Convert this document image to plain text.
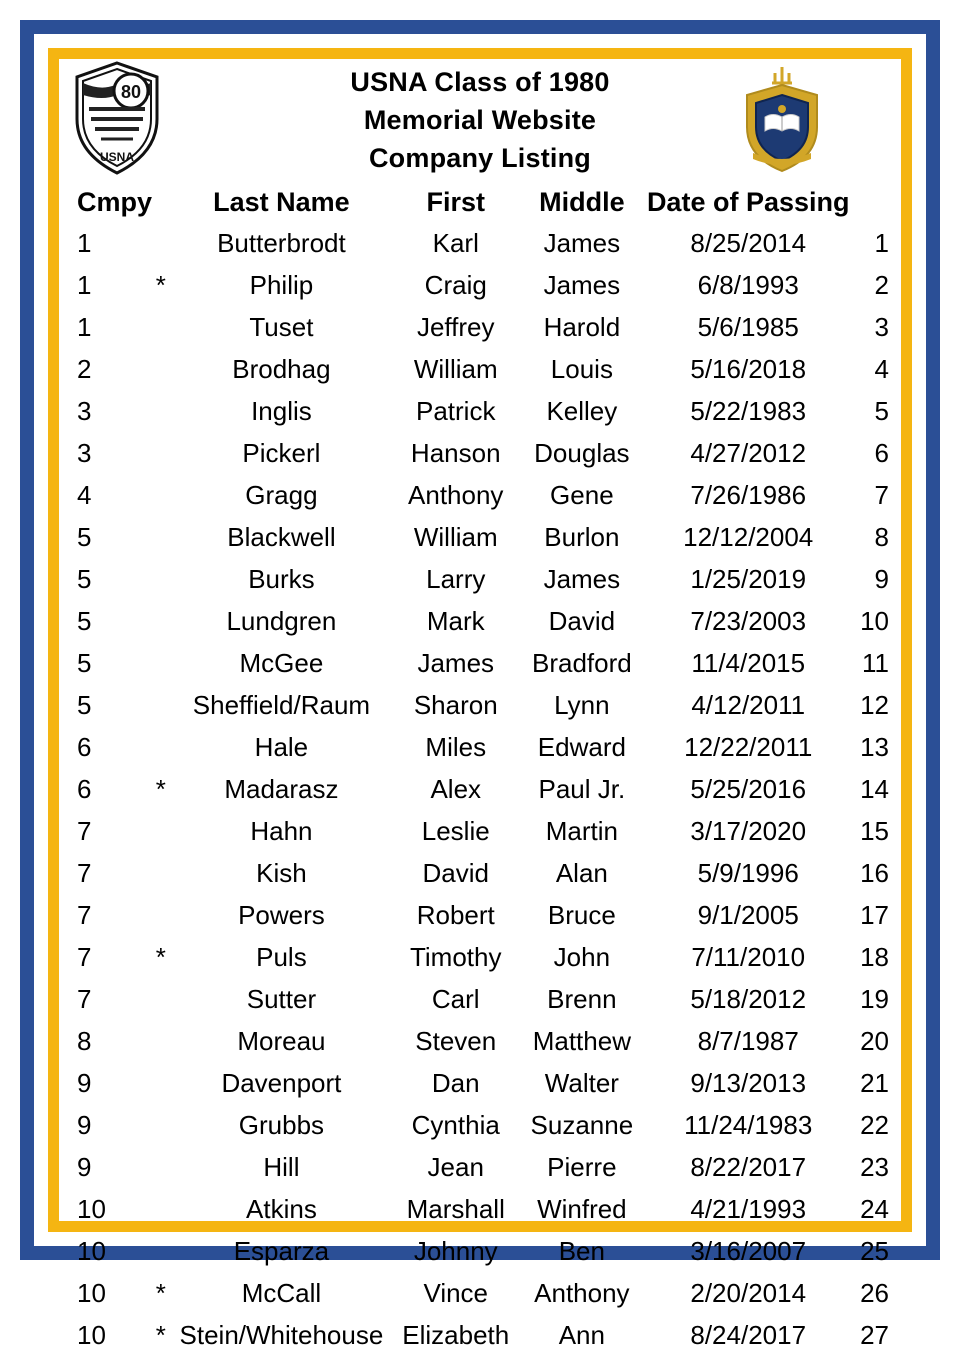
80
USNA
USNA Class of 1980
Memorial Website
Company Listing
Cmpy		Last Name	First	Middle	Date of Passing	
1		Butterbrodt	Karl	James	8/25/2014	1
1	*	Philip	Craig	James	6/8/1993	2
1		Tuset	Jeffrey	Harold	5/6/1985	3
2		Brodhag	William	Louis	5/16/2018	4
3		Inglis	Patrick	Kelley	5/22/1983	5
3		Pickerl	Hanson	Douglas	4/27/2012	6
4		Gragg	Anthony	Gene	7/26/1986	7
5		Blackwell	William	Burlon	12/12/2004	8
5		Burks	Larry	James	1/25/2019	9
5		Lundgren	Mark	David	7/23/2003	10
5		McGee	James	Bradford	11/4/2015	11
5		Sheffield/Raum	Sharon	Lynn	4/12/2011	12
6		Hale	Miles	Edward	12/22/2011	13
6	*	Madarasz	Alex	Paul Jr.	5/25/2016	14
7		Hahn	Leslie	Martin	3/17/2020	15
7		Kish	David	Alan	5/9/1996	16
7		Powers	Robert	Bruce	9/1/2005	17
7	*	Puls	Timothy	John	7/11/2010	18
7		Sutter	Carl	Brenn	5/18/2012	19
8		Moreau	Steven	Matthew	8/7/1987	20
9		Davenport	Dan	Walter	9/13/2013	21
9		Grubbs	Cynthia	Suzanne	11/24/1983	22
9		Hill	Jean	Pierre	8/22/2017	23
10		Atkins	Marshall	Winfred	4/21/1993	24
10		Esparza	Johnny	Ben	3/16/2007	25
10	*	McCall	Vince	Anthony	2/20/2014	26
10	*	Stein/Whitehouse	Elizabeth	Ann	8/24/2017	27
